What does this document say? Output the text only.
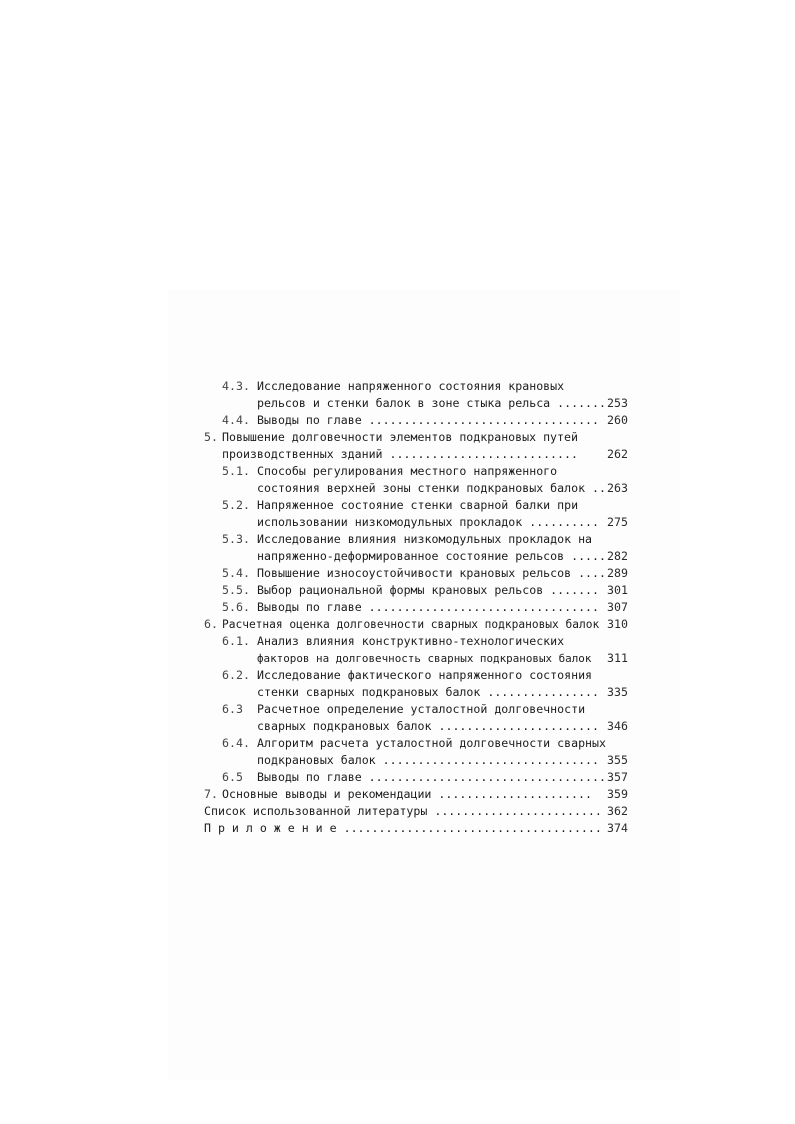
4.3. Исследование напряженного состояния крановых
рельсов и стенки балок в зоне стыка рельса ....... 253
4.4. Выводы по главе ................................. 260
5. Повышение долговечности элементов подкрановых путей
производственных зданий ...........................	262
5.1. Способы регулирования местного напряженного
состояния верхней зоны стенки подкрановых балок .. 263
5.2. Напряженное состояние стенки сварной балки при
использовании низкомодульных прокладок .......... 275
5.3. Исследование влияния низкомодульных прокладок на
напряженно-деформированное состояние рельсов ..... 282
5.4. Повышение износоустойчивости крановых рельсов .... 289
5.5. Выбор рациональной формы крановых рельсов ....... 301
5.6. Выводы по главе ................................. 307
6. Расчетная оценка долговечности сварных подкрановых балок 310
6.1. Анализ влияния конструктивно-технологических
факторов на долговечность сварных подкрановых балок 311
6.2. Исследование фактического напряженного состояния
стенки сварных подкрановых балок ................ 335
6.3 Расчетное определение усталостной долговечности
сварных подкрановых балок ....................... 346
6.4. Алгоритм расчета усталостной долговечности сварных
подкрановых балок ............................... 355
6.5 Выводы по главе .................................. 357
7. Основные выводы и рекомендации ...................... 359
Список использованной литературы ........................ 362
П р и л о ж е н и е ..................................... 374
